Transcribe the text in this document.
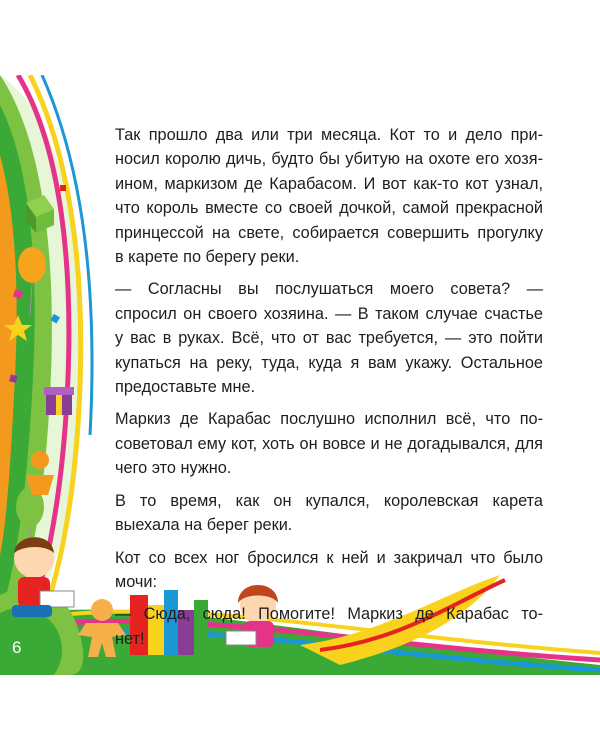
Так прошло два или три месяца. Кот то и дело при-
носил королю дичь, будто бы убитую на охоте его хозя-
ином, маркизом де Карабасом. И вот как-то кот узнал,
что король вместе со своей дочкой, самой прекрасной
принцессой на свете, собирается совершить прогулку
в карете по берегу реки.

— Согласны вы послушаться моего совета? —
спросил он своего хозяина. — В таком случае счастье
у вас в руках. Всё, что от вас требуется, — это пойти
купаться на реку, туда, куда я вам укажу. Остальное
предоставьте мне.

Маркиз де Карабас послушно исполнил всё, что по-
советовал ему кот, хоть он вовсе и не догадывался, для
чего это нужно.

В то время, как он купался, королевская карета
выехала на берег реки.

Кот со всех ног бросился к ней и закричал что было
мочи:

— Сюда, сюда! Помогите! Маркиз де Карабас то-
нет!

6
